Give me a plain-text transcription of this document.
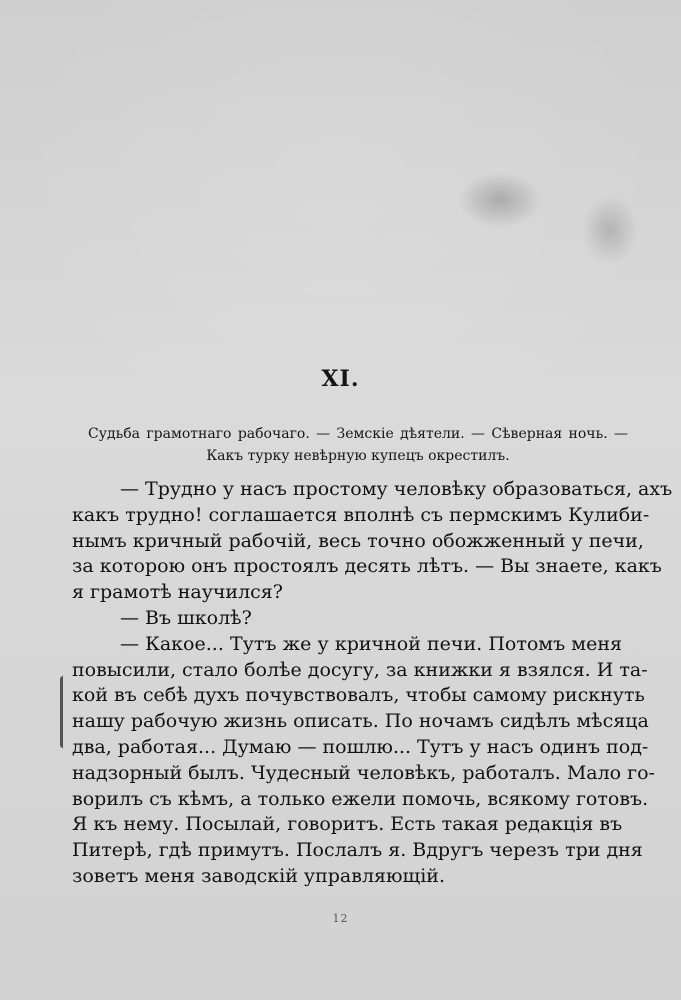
XI.
Судьба грамотнаго рабочаго. — Земскіе дѣятели. — Сѣверная ночь. —
Какъ турку невѣрную купецъ окрестилъ.
— Трудно у насъ простому человѣку образоваться, ахъ
какъ трудно! соглашается вполнѣ съ пермскимъ Кулиби-
нымъ кричный рабочій, весь точно обожженный у печи,
за которою онъ простоялъ десять лѣтъ. — Вы знаете, какъ
я грамотѣ научился?
— Въ школѣ?
— Какое... Тутъ же у кричной печи. Потомъ меня
повысили, стало болѣе досугу, за книжки я взялся. И та-
кой въ себѣ духъ почувствовалъ, чтобы самому рискнуть
нашу рабочую жизнь описать. По ночамъ сидѣлъ мѣсяца
два, работая... Думаю — пошлю... Тутъ у насъ одинъ под-
надзорный былъ. Чудесный человѣкъ, работалъ. Мало го-
ворилъ съ кѣмъ, а только ежели помочь, всякому готовъ.
Я къ нему. Посылай, говоритъ. Есть такая редакція въ
Питерѣ, гдѣ примутъ. Послалъ я. Вдругъ черезъ три дня
зоветъ меня заводскій управляющій.
12
